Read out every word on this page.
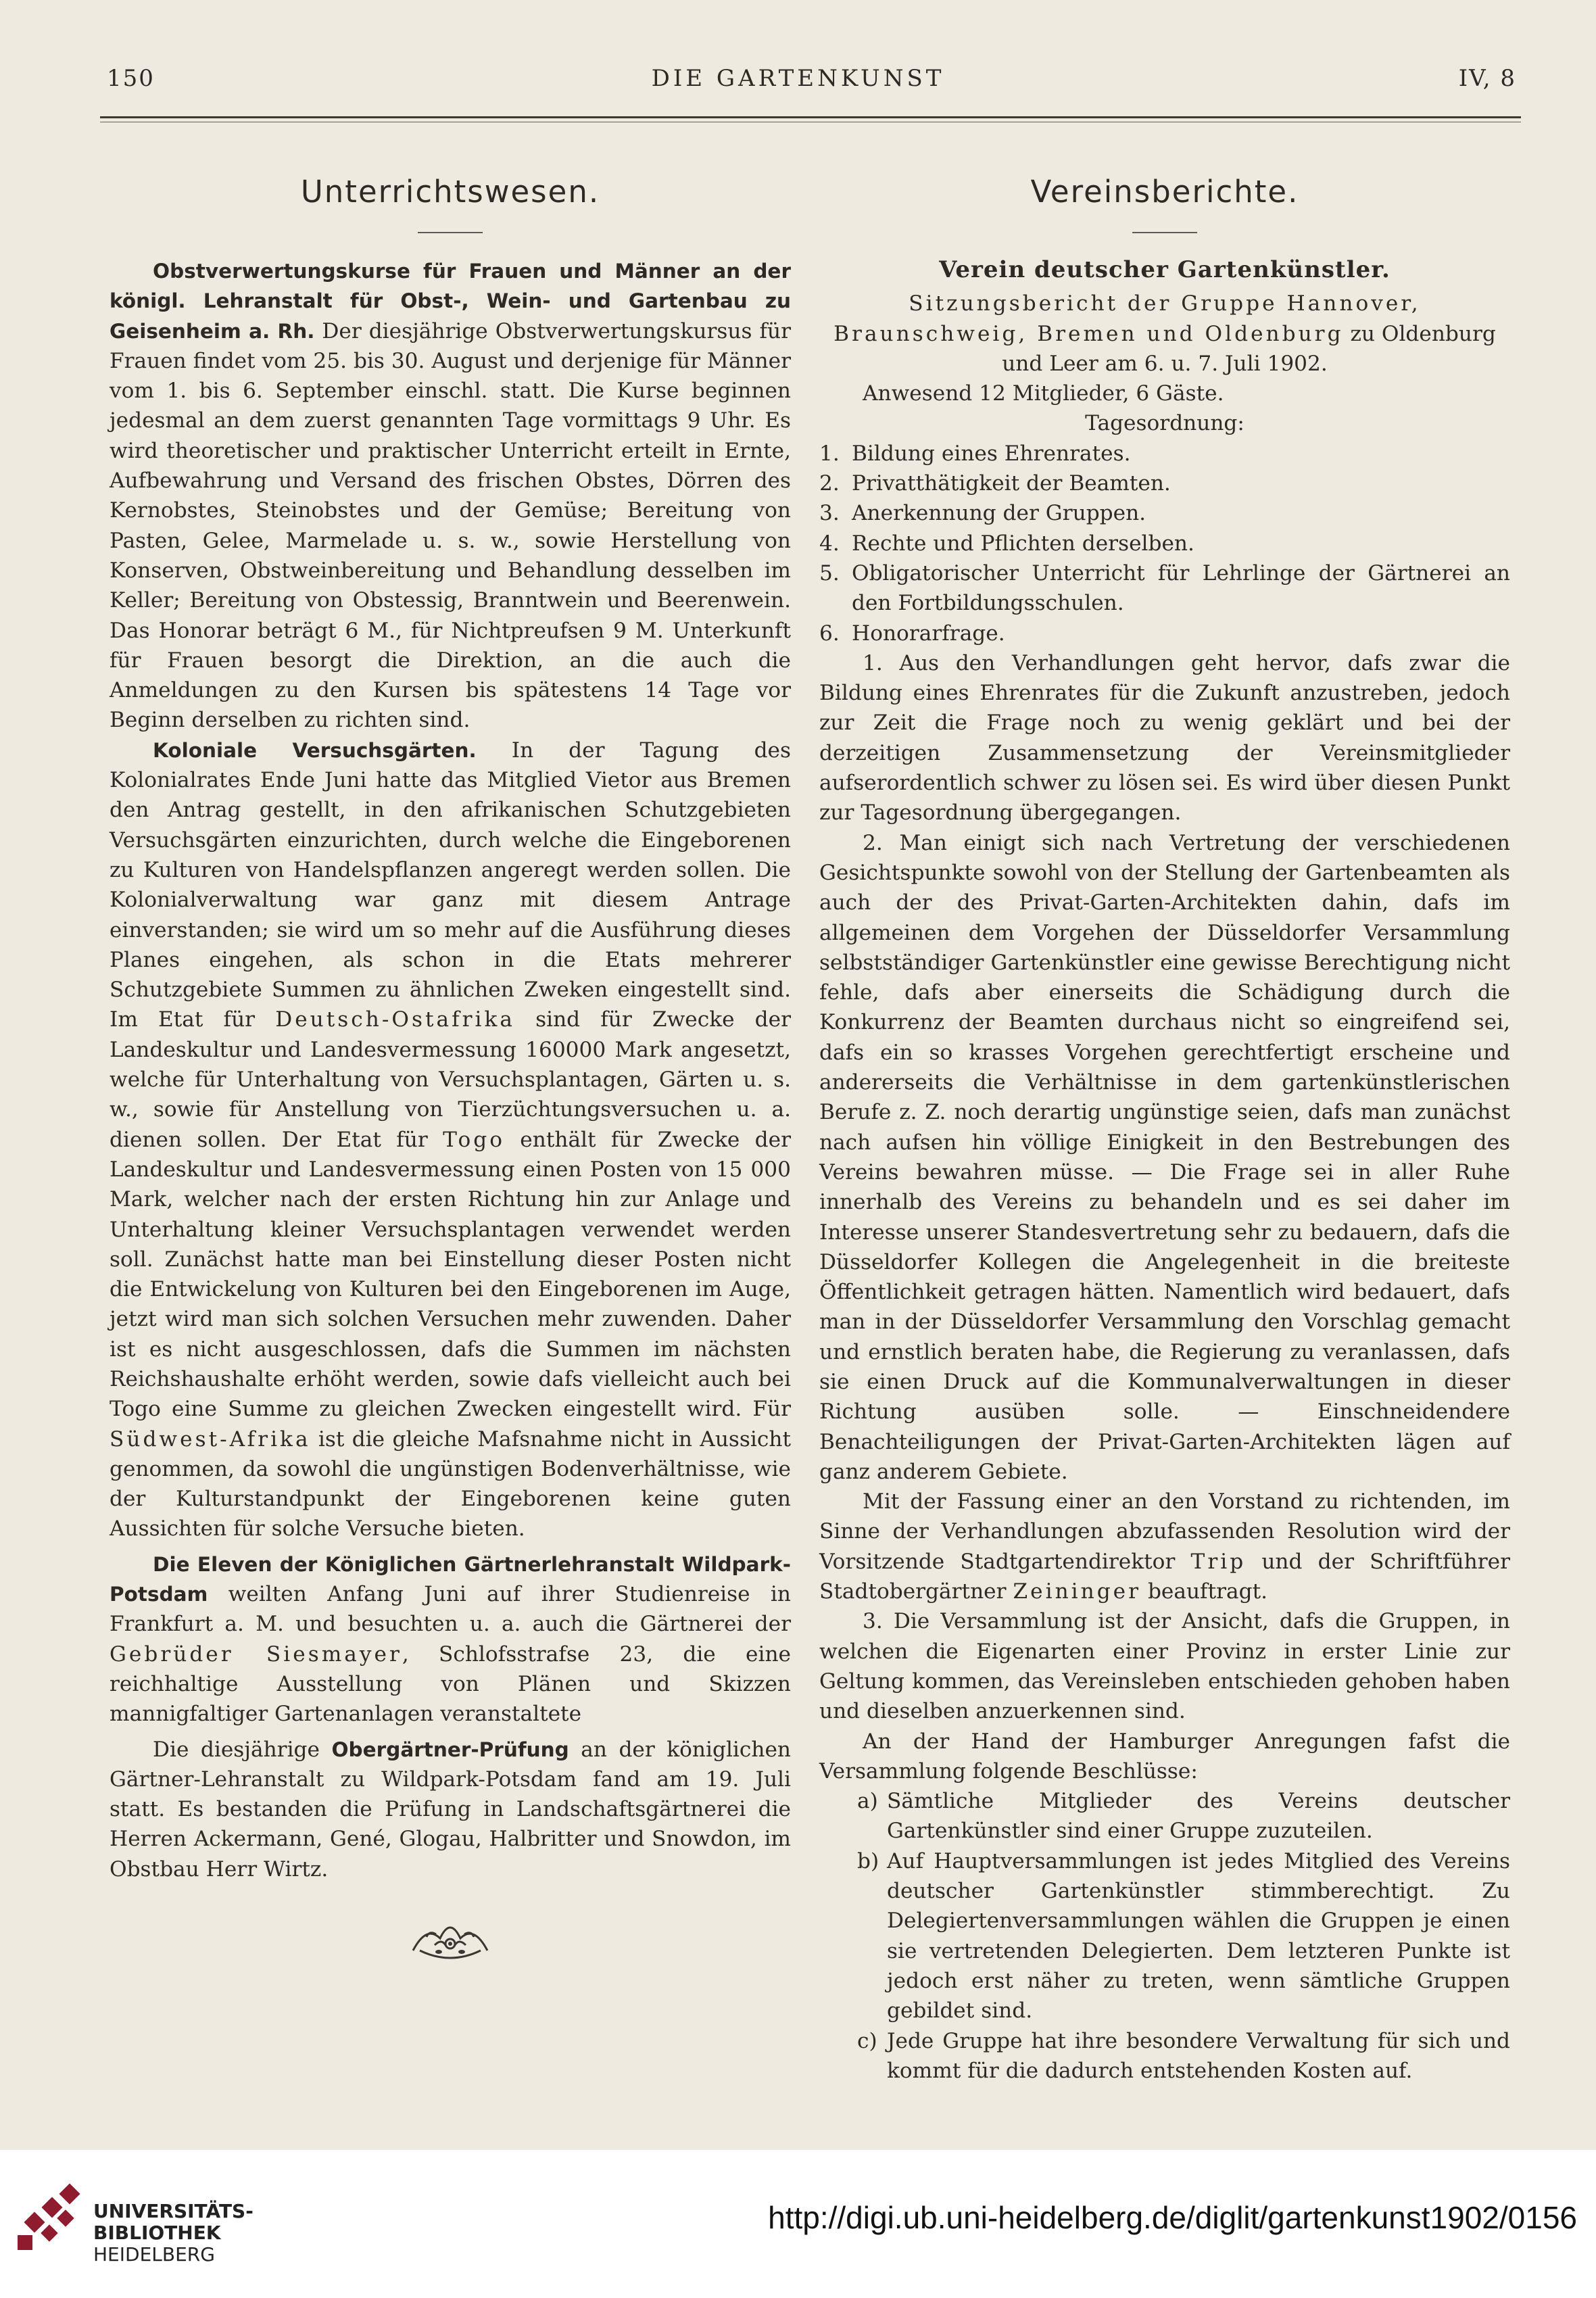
150	DIE GARTENKUNST	IV, 8
Unterrichtswesen.

Obstverwertungskurse für Frauen und Männer an der königl. Lehranstalt für Obst-, Wein- und Gartenbau zu Geisenheim a. Rh. Der diesjährige Obstverwertungskursus für Frauen findet vom 25. bis 30. August und derjenige für Männer vom 1. bis 6. September einschl. statt. Die Kurse beginnen jedesmal an dem zuerst genannten Tage vormittags 9 Uhr. Es wird theoretischer und praktischer Unterricht erteilt in Ernte, Aufbewahrung und Versand des frischen Obstes, Dörren des Kernobstes, Steinobstes und der Gemüse; Bereitung von Pasten, Gelee, Marmelade u. s. w., sowie Herstellung von Konserven, Obstweinbereitung und Behandlung desselben im Keller; Bereitung von Obstessig, Branntwein und Beerenwein. Das Honorar beträgt 6 M., für Nichtpreufsen 9 M. Unterkunft für Frauen besorgt die Direktion, an die auch die Anmeldungen zu den Kursen bis spätestens 14 Tage vor Beginn derselben zu richten sind.

Koloniale Versuchsgärten. In der Tagung des Kolonialrates Ende Juni hatte das Mitglied Vietor aus Bremen den Antrag gestellt, in den afrikanischen Schutzgebieten Versuchsgärten einzurichten, durch welche die Eingeborenen zu Kulturen von Handelspflanzen angeregt werden sollen. Die Kolonialverwaltung war ganz mit diesem Antrage einverstanden; sie wird um so mehr auf die Ausführung dieses Planes eingehen, als schon in die Etats mehrerer Schutzgebiete Summen zu ähnlichen Zweken eingestellt sind. Im Etat für Deutsch-Ostafrika sind für Zwecke der Landeskultur und Landesvermessung 160000 Mark angesetzt, welche für Unterhaltung von Versuchsplantagen, Gärten u. s. w., sowie für Anstellung von Tierzüchtungsversuchen u. a. dienen sollen. Der Etat für Togo enthält für Zwecke der Landeskultur und Landesvermessung einen Posten von 15 000 Mark, welcher nach der ersten Richtung hin zur Anlage und Unterhaltung kleiner Versuchsplantagen verwendet werden soll. Zunächst hatte man bei Einstellung dieser Posten nicht die Entwickelung von Kulturen bei den Eingeborenen im Auge, jetzt wird man sich solchen Versuchen mehr zuwenden. Daher ist es nicht ausgeschlossen, dafs die Summen im nächsten Reichshaushalte erhöht werden, sowie dafs vielleicht auch bei Togo eine Summe zu gleichen Zwecken eingestellt wird. Für Südwest-Afrika ist die gleiche Mafsnahme nicht in Aussicht genommen, da sowohl die ungünstigen Bodenverhältnisse, wie der Kulturstandpunkt der Eingeborenen keine guten Aussichten für solche Versuche bieten.

Die Eleven der Königlichen Gärtnerlehranstalt Wildpark-Potsdam weilten Anfang Juni auf ihrer Studienreise in Frankfurt a. M. und besuchten u. a. auch die Gärtnerei der Gebrüder Siesmayer, Schlofsstrafse 23, die eine reichhaltige Ausstellung von Plänen und Skizzen mannigfaltiger Gartenanlagen veranstaltete

Die diesjährige Obergärtner-Prüfung an der königlichen Gärtner-Lehranstalt zu Wildpark-Potsdam fand am 19. Juli statt. Es bestanden die Prüfung in Landschaftsgärtnerei die Herren Ackermann, Gené, Glogau, Halbritter und Snowdon, im Obstbau Herr Wirtz.

Vereinsberichte.
Verein deutscher Gartenkünstler.

Sitzungsbericht der Gruppe Hannover, Braunschweig, Bremen und Oldenburg zu Oldenburg und Leer am 6. u. 7. Juli 1902.

Anwesend 12 Mitglieder, 6 Gäste.

Tagesordnung:

1. Bildung eines Ehrenrates.
2. Privatthätigkeit der Beamten.
3. Anerkennung der Gruppen.
4. Rechte und Pflichten derselben.
5. Obligatorischer Unterricht für Lehrlinge der Gärtnerei an den Fortbildungsschulen.
6. Honorarfrage.

1. Aus den Verhandlungen geht hervor, dafs zwar die Bildung eines Ehrenrates für die Zukunft anzustreben, jedoch zur Zeit die Frage noch zu wenig geklärt und bei der derzeitigen Zusammensetzung der Vereinsmitglieder aufserordentlich schwer zu lösen sei. Es wird über diesen Punkt zur Tagesordnung übergegangen.

2. Man einigt sich nach Vertretung der verschiedenen Gesichtspunkte sowohl von der Stellung der Gartenbeamten als auch der des Privat-Garten-Architekten dahin, dafs im allgemeinen dem Vorgehen der Düsseldorfer Versammlung selbstständiger Gartenkünstler eine gewisse Berechtigung nicht fehle, dafs aber einerseits die Schädigung durch die Konkurrenz der Beamten durchaus nicht so eingreifend sei, dafs ein so krasses Vorgehen gerechtfertigt erscheine und andererseits die Verhältnisse in dem gartenkünstlerischen Berufe z. Z. noch derartig ungünstige seien, dafs man zunächst nach aufsen hin völlige Einigkeit in den Bestrebungen des Vereins bewahren müsse. — Die Frage sei in aller Ruhe innerhalb des Vereins zu behandeln und es sei daher im Interesse unserer Standesvertretung sehr zu bedauern, dafs die Düsseldorfer Kollegen die Angelegenheit in die breiteste Öffentlichkeit getragen hätten. Namentlich wird bedauert, dafs man in der Düsseldorfer Versammlung den Vorschlag gemacht und ernstlich beraten habe, die Regierung zu veranlassen, dafs sie einen Druck auf die Kommunalverwaltungen in dieser Richtung ausüben solle. — Einschneidendere Benachteiligungen der Privat-Garten-Architekten lägen auf ganz anderem Gebiete.

Mit der Fassung einer an den Vorstand zu richtenden, im Sinne der Verhandlungen abzufassenden Resolution wird der Vorsitzende Stadtgartendirektor Trip und der Schriftführer Stadtobergärtner Zeininger beauftragt.

3. Die Versammlung ist der Ansicht, dafs die Gruppen, in welchen die Eigenarten einer Provinz in erster Linie zur Geltung kommen, das Vereinsleben entschieden gehoben haben und dieselben anzuerkennen sind.

An der Hand der Hamburger Anregungen fafst die Versammlung folgende Beschlüsse:

a) Sämtliche Mitglieder des Vereins deutscher Gartenkünstler sind einer Gruppe zuzuteilen.
b) Auf Hauptversammlungen ist jedes Mitglied des Vereins deutscher Gartenkünstler stimmberechtigt. Zu Delegiertenversammlungen wählen die Gruppen je einen sie vertretenden Delegierten. Dem letzteren Punkte ist jedoch erst näher zu treten, wenn sämtliche Gruppen gebildet sind.
c) Jede Gruppe hat ihre besondere Verwaltung für sich und kommt für die dadurch entstehenden Kosten auf.
UNIVERSITÄTS-
BIBLIOTHEK
HEIDELBERG
http://digi.ub.uni-heidelberg.de/diglit/gartenkunst1902/0156
